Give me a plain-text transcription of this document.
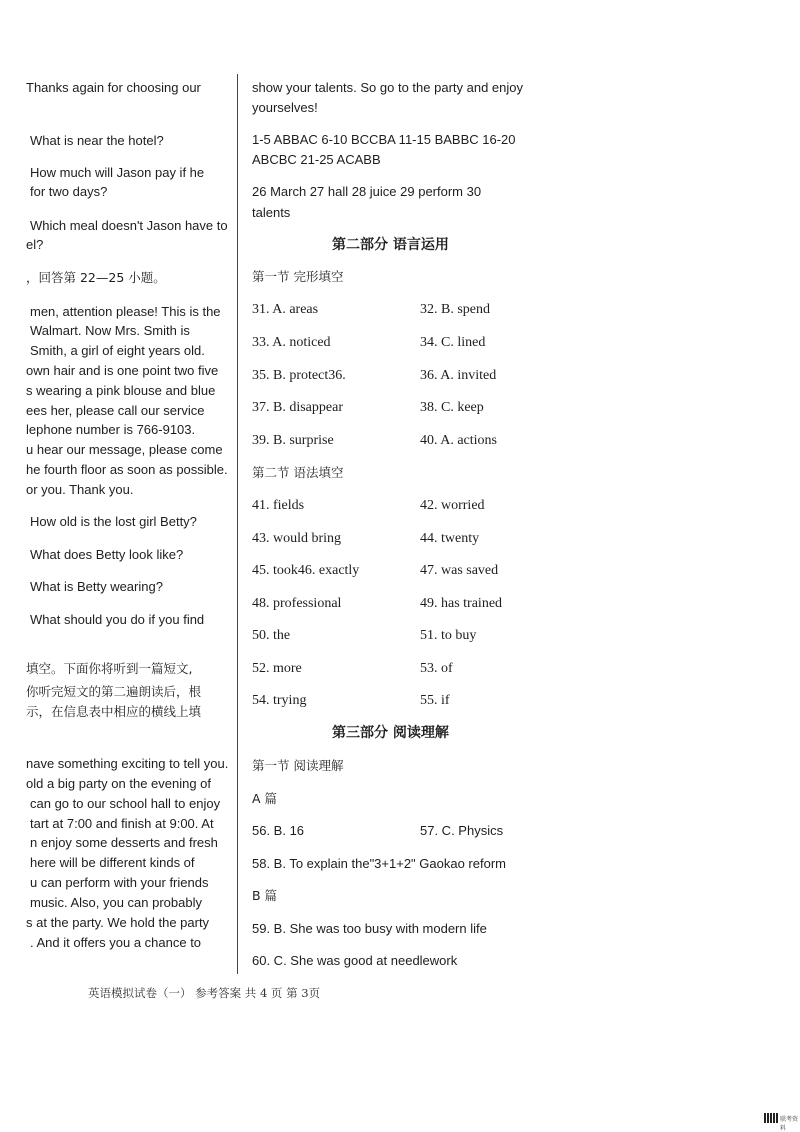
Thanks again for choosing our
What is near the hotel?
How much will Jason pay if he
for two days?
Which meal doesn't Jason have to
el?
，回答第 22—25 小题。
men, attention please! This is the
Walmart. Now Mrs. Smith is
Smith, a girl of eight years old.
own hair and is one point two five
s wearing a pink blouse and blue
ees her, please call our service
lephone number is 766-9103.
u hear our message, please come
he fourth floor as soon as possible.
or you. Thank you.
How old is the lost girl Betty?
What does Betty look like?
What is Betty wearing?
What should you do if you find
填空。下面你将听到一篇短文,
你听完短文的第二遍朗读后，根
示，在信息表中相应的横线上填
nave something exciting to tell you.
old a big party on the evening of
can go to our school hall to enjoy
tart at 7:00 and finish at 9:00. At
n enjoy some desserts and fresh
here will be different kinds of
u can perform with your friends
music. Also, you can probably
s at the party. We hold the party
. And it offers you a chance to
show your talents. So go to the party and enjoy
yourselves!
1-5 ABBAC 6-10 BCCBA 11-15 BABBC 16-20
ABCBC 21-25 ACABB
26 March 27 hall 28 juice 29 perform 30
talents
第二部分 语言运用
第一节 完形填空
31. A. areas	32. B. spend
33. A. noticed	34. C. lined
35. B. protect36.	36. A. invited
37. B. disappear	38. C. keep
39. B. surprise	40. A. actions
第二节 语法填空
41. fields	42. worried
43. would bring	44. twenty
45. took46. exactly	47. was saved
48. professional	49. has trained
50. the	51. to buy
52. more	53. of
54. trying	55. if
第三部分 阅读理解
第一节 阅读理解
A 篇
56. B. 16	57. C. Physics
58. B. To explain the"3+1+2" Gaokao reform
B 篇
59. B. She was too busy with modern life
60. C. She was good at needlework
英语模拟试卷（一） 参考答案 共 4 页 第 3页
联考资料
